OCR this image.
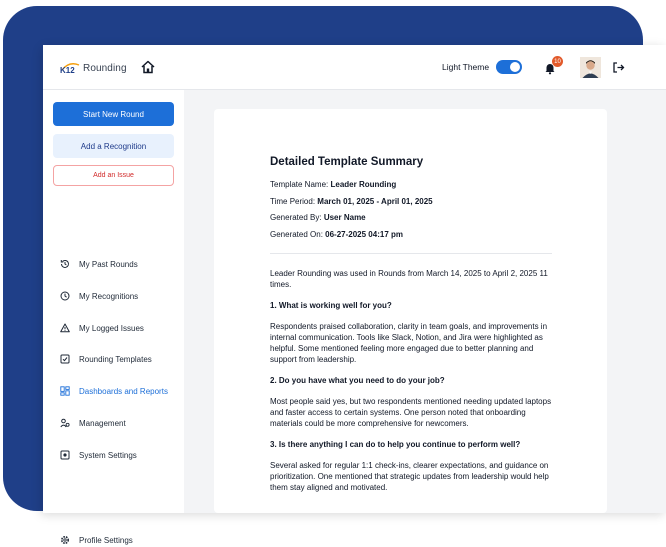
K12 Rounding	Light Theme
10
Start New Round
Add a Recognition
Add an Issue
My Past Rounds
My Recognitions
My Logged Issues
Rounding Templates
Dashboards and Reports
Management
System Settings
Profile Settings
Detailed Template Summary
Template Name: Leader Rounding
Time Period: March 01, 2025 - April 01, 2025
Generated By: User Name
Generated On: 06-27-2025 04:17 pm
Leader Rounding was used in Rounds from March 14, 2025 to April 2, 2025 11 times.
1. What is working well for you?
Respondents praised collaboration, clarity in team goals, and improvements in internal communication. Tools like Slack, Notion, and Jira were highlighted as helpful. Some mentioned feeling more engaged due to better planning and support from leadership.
2. Do you have what you need to do your job?
Most people said yes, but two respondents mentioned needing updated laptops and faster access to certain systems. One person noted that onboarding materials could be more comprehensive for newcomers.
3. Is there anything I can do to help you continue to perform well?
Several asked for regular 1:1 check-ins, clearer expectations, and guidance on prioritization. One mentioned that strategic updates from leadership would help them stay aligned and motivated.
